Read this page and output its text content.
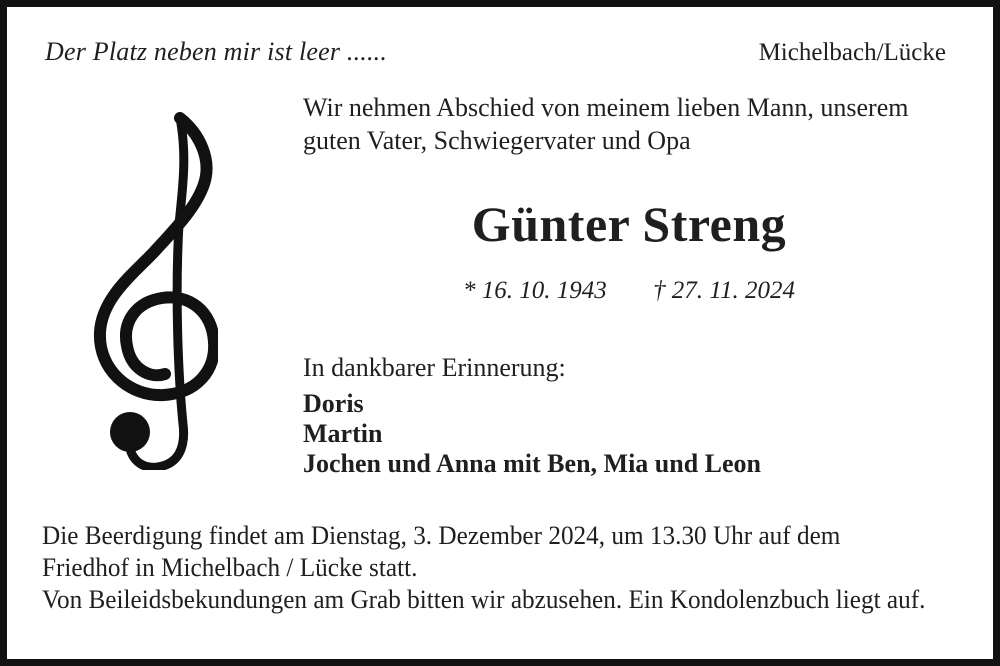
Der Platz neben mir ist leer ......	Michelbach/Lücke
Wir nehmen Abschied von meinem lieben Mann, unserem
guten Vater, Schwiegervater und Opa
Günter Streng
* 16. 10. 1943 † 27. 11. 2024

In dankbarer Erinnerung:

Doris
Martin
Jochen und Anna mit Ben, Mia und Leon
Die Beerdigung findet am Dienstag, 3. Dezember 2024, um 13.30 Uhr auf dem
Friedhof in Michelbach / Lücke statt.
Von Beileidsbekundungen am Grab bitten wir abzusehen. Ein Kondolenzbuch liegt auf.
